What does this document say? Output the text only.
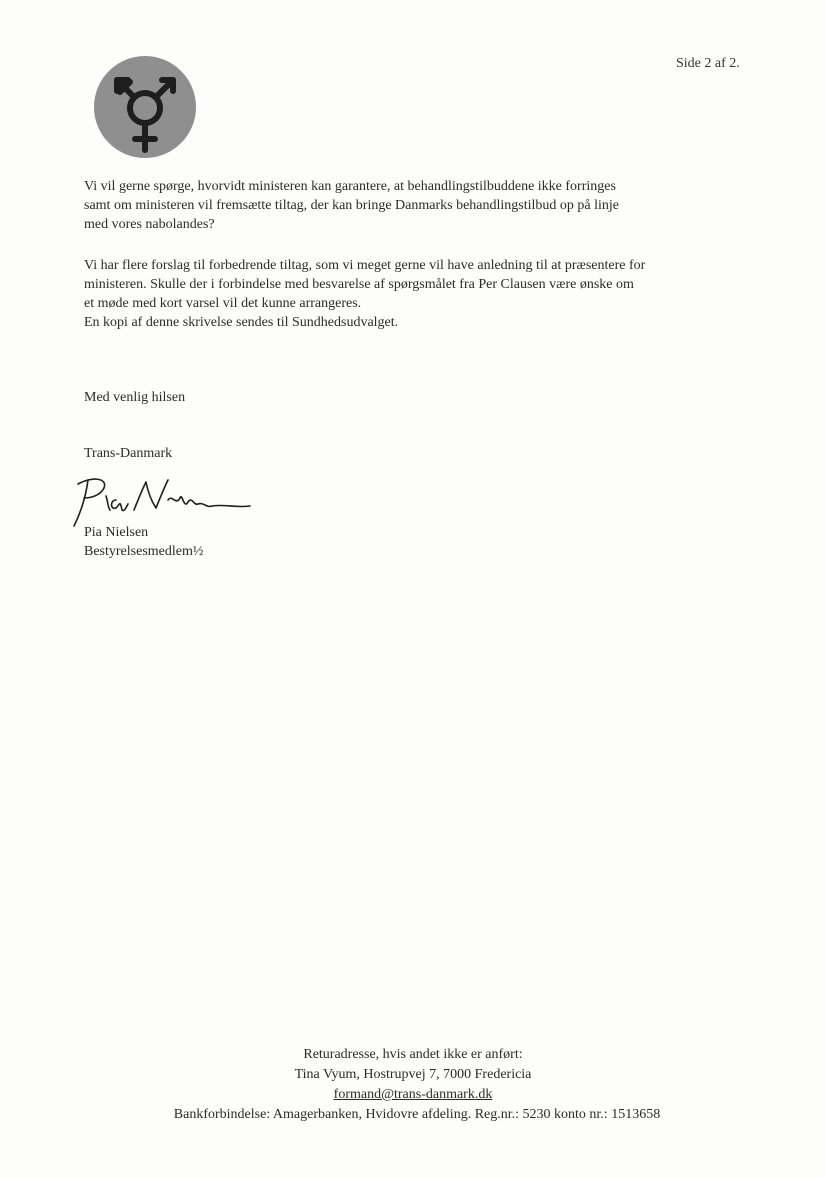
Side 2 af 2.
Vi vil gerne spørge, hvorvidt ministeren kan garantere, at behandlingstilbuddene ikke forringes
samt om ministeren vil fremsætte tiltag, der kan bringe Danmarks behandlingstilbud op på linje
med vores nabolandes?
Vi har flere forslag til forbedrende tiltag, som vi meget gerne vil have anledning til at præsentere for
ministeren. Skulle der i forbindelse med besvarelse af spørgsmålet fra Per Clausen være ønske om
et møde med kort varsel vil det kunne arrangeres.
En kopi af denne skrivelse sendes til Sundhedsudvalget.
Med venlig hilsen
Trans-Danmark
Pia Nielsen
Bestyrelsesmedlem½
Returadresse, hvis andet ikke er anført:
Tina Vyum, Hostrupvej 7, 7000 Fredericia
formand@trans-danmark.dk
Bankforbindelse: Amagerbanken, Hvidovre afdeling. Reg.nr.: 5230 konto nr.: 1513658
